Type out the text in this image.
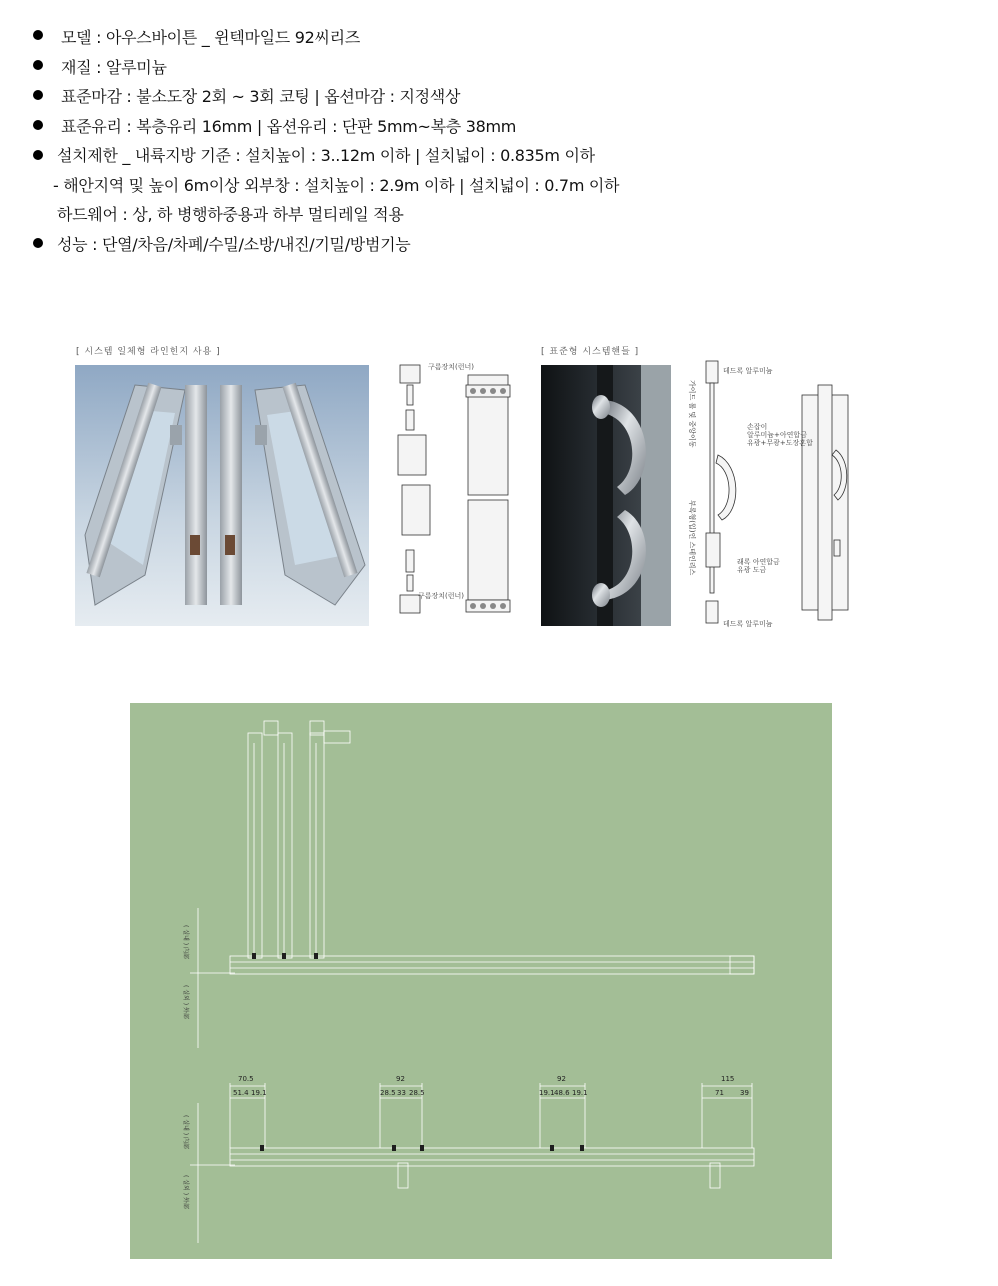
모델 : 아우스바이튼 _ 윈텍마일드 92씨리즈
재질 : 알루미늄
표준마감 : 불소도장 2회 ~ 3회 코팅 | 옵션마감 : 지정색상
표준유리 : 복층유리 16mm | 옵션유리 : 단판 5mm~복층 38mm
설치제한 _ 내륙지방 기준 : 설치높이 : 3..12m 이하 | 설치넓이 : 0.835m 이하
- 해안지역 및 높이 6m이상 외부창 : 설치높이 : 2.9m 이하 | 설치넓이 : 0.7m 이하
하드웨어 : 상, 하 병행하중용과 하부 멀티레일 적용
성능 : 단열/차음/차폐/수밀/소방/내진/기밀/방범기능
[ 시스템 일체형 라인힌지 사용 ]	[ 표준형 시스템핸들 ]
구름장치(런너)
구름장치(런너)
데드록 알루미늄
손잡이
알루미늄+아연합금
유광+무광+도장혼합
래록 아연합금
유광 도금
데드록 알루미늄
가이드 롤 및 중앙이동
부록형(입)인 스테인리스
( 실내 ) 內部
( 실외 ) 外部
( 실내 ) 內部
( 실외 ) 外部
70.5	92	92	115
51.4 19.1	28.5 33 28.5	19.1 48.6 19.1	71 39
